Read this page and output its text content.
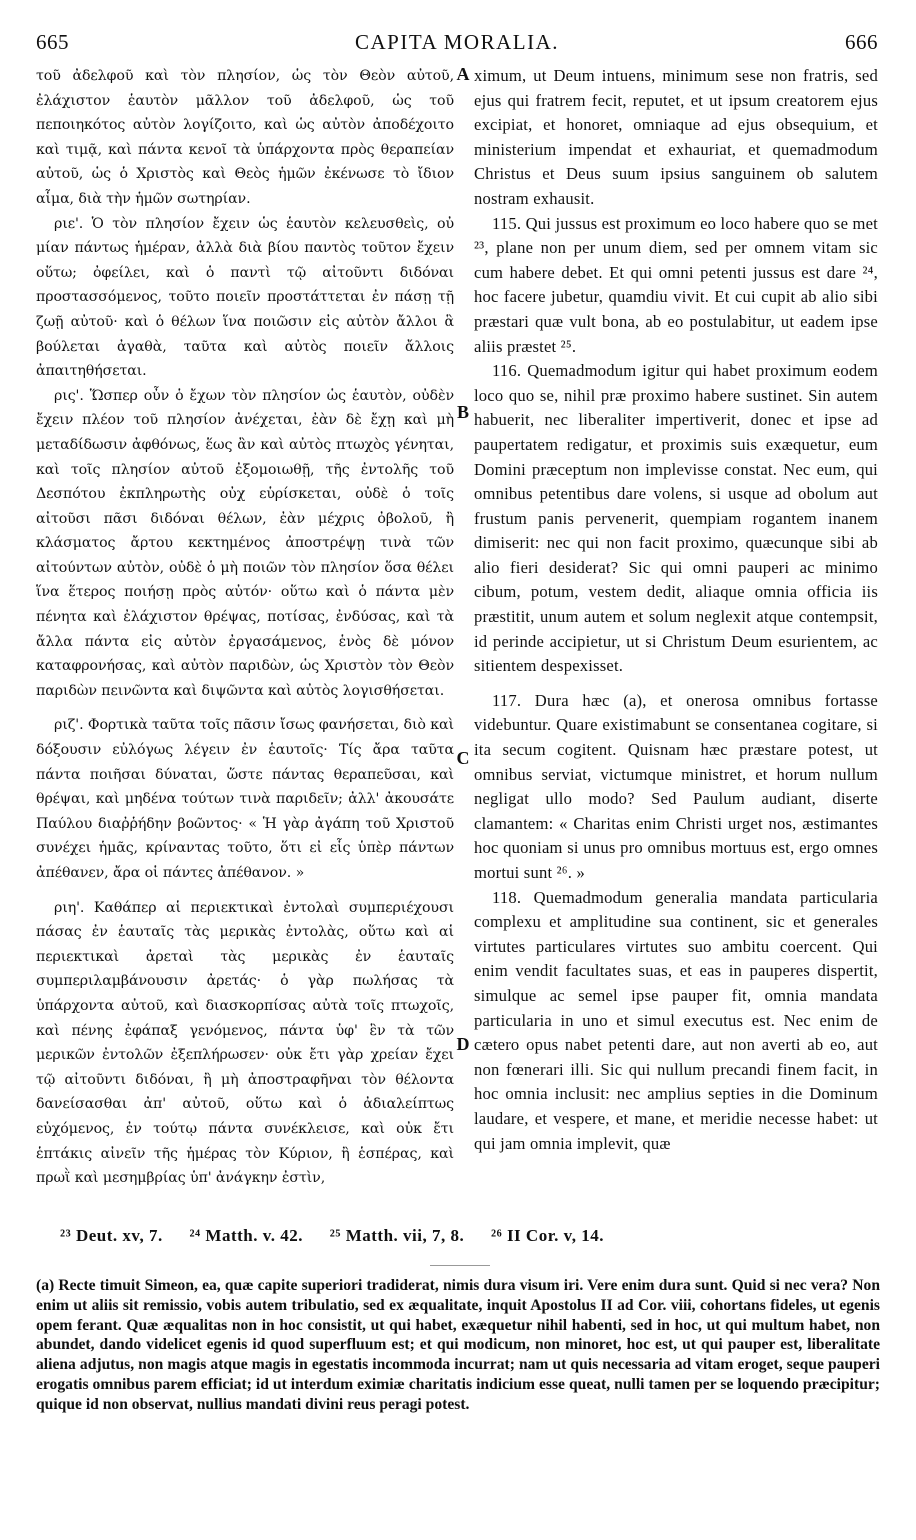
CAPITA MORALIA.
665	666

τοῦ ἀδελφοῦ καὶ τὸν πλησίον, ὡς τὸν Θεὸν αὐτοῦ, ἐλάχιστον ἑαυτὸν μᾶλλον τοῦ ἀδελφοῦ, ὡς τοῦ πεποιηκότος αὐτὸν λογίζοιτο, καὶ ὡς αὐτὸν ἀποδέχοιτο καὶ τιμᾷ, καὶ πάντα κενοῖ τὰ ὑπάρχοντα πρὸς θεραπείαν αὐτοῦ, ὡς ὁ Χριστὸς καὶ Θεὸς ἡμῶν ἐκένωσε τὸ ἴδιον αἷμα, διὰ τὴν ἡμῶν σωτηρίαν.

ριε'. Ὁ τὸν πλησίον ἔχειν ὡς ἑαυτὸν κελευσθεὶς, οὐ μίαν πάντως ἡμέραν, ἀλλὰ διὰ βίου παντὸς τοῦτον ἔχειν οὕτω; ὀφείλει, καὶ ὁ παντὶ τῷ αἰτοῦντι διδόναι προστασσόμενος, τοῦτο ποιεῖν προστάττεται ἐν πάσῃ τῇ ζωῇ αὐτοῦ· καὶ ὁ θέλων ἵνα ποιῶσιν εἰς αὐτὸν ἄλλοι ἃ βούλεται ἀγαθὰ, ταῦτα καὶ αὐτὸς ποιεῖν ἄλλοις ἀπαιτηθήσεται.

ρις'. Ὥσπερ οὖν ὁ ἔχων τὸν πλησίον ὡς ἑαυτὸν, οὐδὲν ἔχειν πλέον τοῦ πλησίον ἀνέχεται, ἐὰν δὲ ἔχῃ καὶ μὴ μεταδίδωσιν ἀφθόνως, ἕως ἂν καὶ αὐτὸς πτωχὸς γένηται, καὶ τοῖς πλησίον αὐτοῦ ἐξομοιωθῇ, τῆς ἐντολῆς τοῦ Δεσπότου ἐκπληρωτὴς οὐχ εὑρίσκεται, οὐδὲ ὁ τοῖς αἰτοῦσι πᾶσι διδόναι θέλων, ἐὰν μέχρις ὀβολοῦ, ἢ κλάσματος ἄρτου κεκτημένος ἀποστρέψῃ τινὰ τῶν αἰτούντων αὐτὸν, οὐδὲ ὁ μὴ ποιῶν τὸν πλησίον ὅσα θέλει ἵνα ἕτερος ποιήσῃ πρὸς αὐτόν· οὕτω καὶ ὁ πάντα μὲν πένητα καὶ ἐλάχιστον θρέψας, ποτίσας, ἐνδύσας, καὶ τὰ ἄλλα πάντα εἰς αὐτὸν ἐργασάμενος, ἑνὸς δὲ μόνον καταφρονήσας, καὶ αὐτὸν παριδὼν, ὡς Χριστὸν τὸν Θεὸν παριδὼν πεινῶντα καὶ διψῶντα καὶ αὐτὸς λογισθήσεται.

ριζ'. Φορτικὰ ταῦτα τοῖς πᾶσιν ἴσως φανήσεται, διὸ καὶ δόξουσιν εὐλόγως λέγειν ἐν ἑαυτοῖς· Τίς ἄρα ταῦτα πάντα ποιῆσαι δύναται, ὥστε πάντας θεραπεῦσαι, καὶ θρέψαι, καὶ μηδένα τούτων τινὰ παριδεῖν; ἀλλ' ἀκουσάτε Παύλου διαῤῥήδην βοῶντος· « Ἡ γὰρ ἀγάπη τοῦ Χριστοῦ συνέχει ἡμᾶς, κρίναντας τοῦτο, ὅτι εἰ εἷς ὑπὲρ πάντων ἀπέθανεν, ἄρα οἱ πάντες ἀπέθανον. »

ριη'. Καθάπερ αἱ περιεκτικαὶ ἐντολαὶ συμπεριέχουσι πάσας ἐν ἑαυταῖς τὰς μερικὰς ἐντολὰς, οὕτω καὶ αἱ περιεκτικαὶ ἀρεταὶ τὰς μερικὰς ἐν ἑαυταῖς συμπεριλαμβάνουσιν ἀρετάς· ὁ γὰρ πωλήσας τὰ ὑπάρχοντα αὐτοῦ, καὶ διασκορπίσας αὐτὰ τοῖς πτωχοῖς, καὶ πένης ἐφάπαξ γενόμενος, πάντα ὑφ' ἓν τὰ τῶν μερικῶν ἐντολῶν ἐξεπλήρωσεν· οὐκ ἔτι γὰρ χρείαν ἔχει τῷ αἰτοῦντι διδόναι, ἢ μὴ ἀποστραφῆναι τὸν θέλοντα δανείσασθαι ἀπ' αὐτοῦ, οὕτω καὶ ὁ ἀδιαλείπτως εὐχόμενος, ἐν τούτῳ πάντα συνέκλεισε, καὶ οὐκ ἔτι ἑπτάκις αἰνεῖν τῆς ἡμέρας τὸν Κύριον, ἢ ἑσπέρας, καὶ πρωῒ καὶ μεσημβρίας ὑπ' ἀνάγκην ἐστὶν,

A
B
C
D

ximum, ut Deum intuens, minimum sese non fratris, sed ejus qui fratrem fecit, reputet, et ut ipsum creatorem ejus excipiat, et honoret, omniaque ad ejus obsequium, et ministerium impendat et exhauriat, et quemadmodum Christus et Deus suum ipsius sanguinem ob salutem nostram exhausit.

115. Qui jussus est proximum eo loco habere quo se met ²³, plane non per unum diem, sed per omnem vitam sic cum habere debet. Et qui omni petenti jussus est dare ²⁴, hoc facere jubetur, quamdiu vivit. Et cui cupit ab alio sibi præstari quæ vult bona, ab eo postulabitur, ut eadem ipse aliis præstet ²⁵.

116. Quemadmodum igitur qui habet proximum eodem loco quo se, nihil præ proximo habere sustinet. Sin autem habuerit, nec liberaliter impertiverit, donec et ipse ad paupertatem redigatur, et proximis suis exæquetur, eum Domini præceptum non implevisse constat. Nec eum, qui omnibus petentibus dare volens, si usque ad obolum aut frustum panis pervenerit, quempiam rogantem inanem dimiserit: nec qui non facit proximo, quæcunque sibi ab alio fieri desiderat? Sic qui omni pauperi ac minimo cibum, potum, vestem dedit, aliaque omnia officia iis præstitit, unum autem et solum neglexit atque contempsit, id perinde accipietur, ut si Christum Deum esurientem, ac sitientem despexisset.

117. Dura hæc (a), et onerosa omnibus fortasse videbuntur. Quare existimabunt se consentanea cogitare, si ita secum cogitent. Quisnam hæc præstare potest, ut omnibus serviat, victumque ministret, et horum nullum negligat ullo modo? Sed Paulum audiant, diserte clamantem: « Charitas enim Christi urget nos, æstimantes hoc quoniam si unus pro omnibus mortuus est, ergo omnes mortui sunt ²⁶. »

118. Quemadmodum generalia mandata particularia complexu et amplitudine sua continent, sic et generales virtutes particulares virtutes suo ambitu coercent. Qui enim vendit facultates suas, et eas in pauperes dispertit, simulque ac semel ipse pauper fit, omnia mandata particularia in uno et simul executus est. Nec enim de cætero opus nabet petenti dare, aut non averti ab eo, aut non fœnerari illi. Sic qui nullum precandi finem facit, in hoc omnia inclusit: nec amplius septies in die Dominum laudare, et vespere, et mane, et meridie necesse habet: ut qui jam omnia implevit, quæ

²³ Deut. xv, 7. ²⁴ Matth. v. 42. ²⁵ Matth. vii, 7, 8. ²⁶ II Cor. v, 14.
(a) Recte timuit Simeon, ea, quæ capite superiori tradiderat, nimis dura visum iri. Vere enim dura sunt. Quid si nec vera? Non enim ut aliis sit remissio, vobis autem tribulatio, sed ex æqualitate, inquit Apostolus II ad Cor. viii, cohortans fideles, ut egenis opem ferant. Quæ æqualitas non in hoc consistit, ut qui habet, exæquetur nihil habenti, sed in hoc, ut qui multum habet, non abundet, dando videlicet egenis id quod superfluum est; et qui modicum, non minoret, hoc est, ut qui pauper est, liberalitate aliena adjutus, non magis atque magis in egestatis incommoda incurrat; nam ut quis necessaria ad vitam eroget, seque pauperi erogatis omnibus parem efficiat; id ut interdum eximiæ charitatis indicium esse queat, nulli tamen per se loquendo præcipitur; quique id non observat, nullius mandati divini reus peragi potest.
